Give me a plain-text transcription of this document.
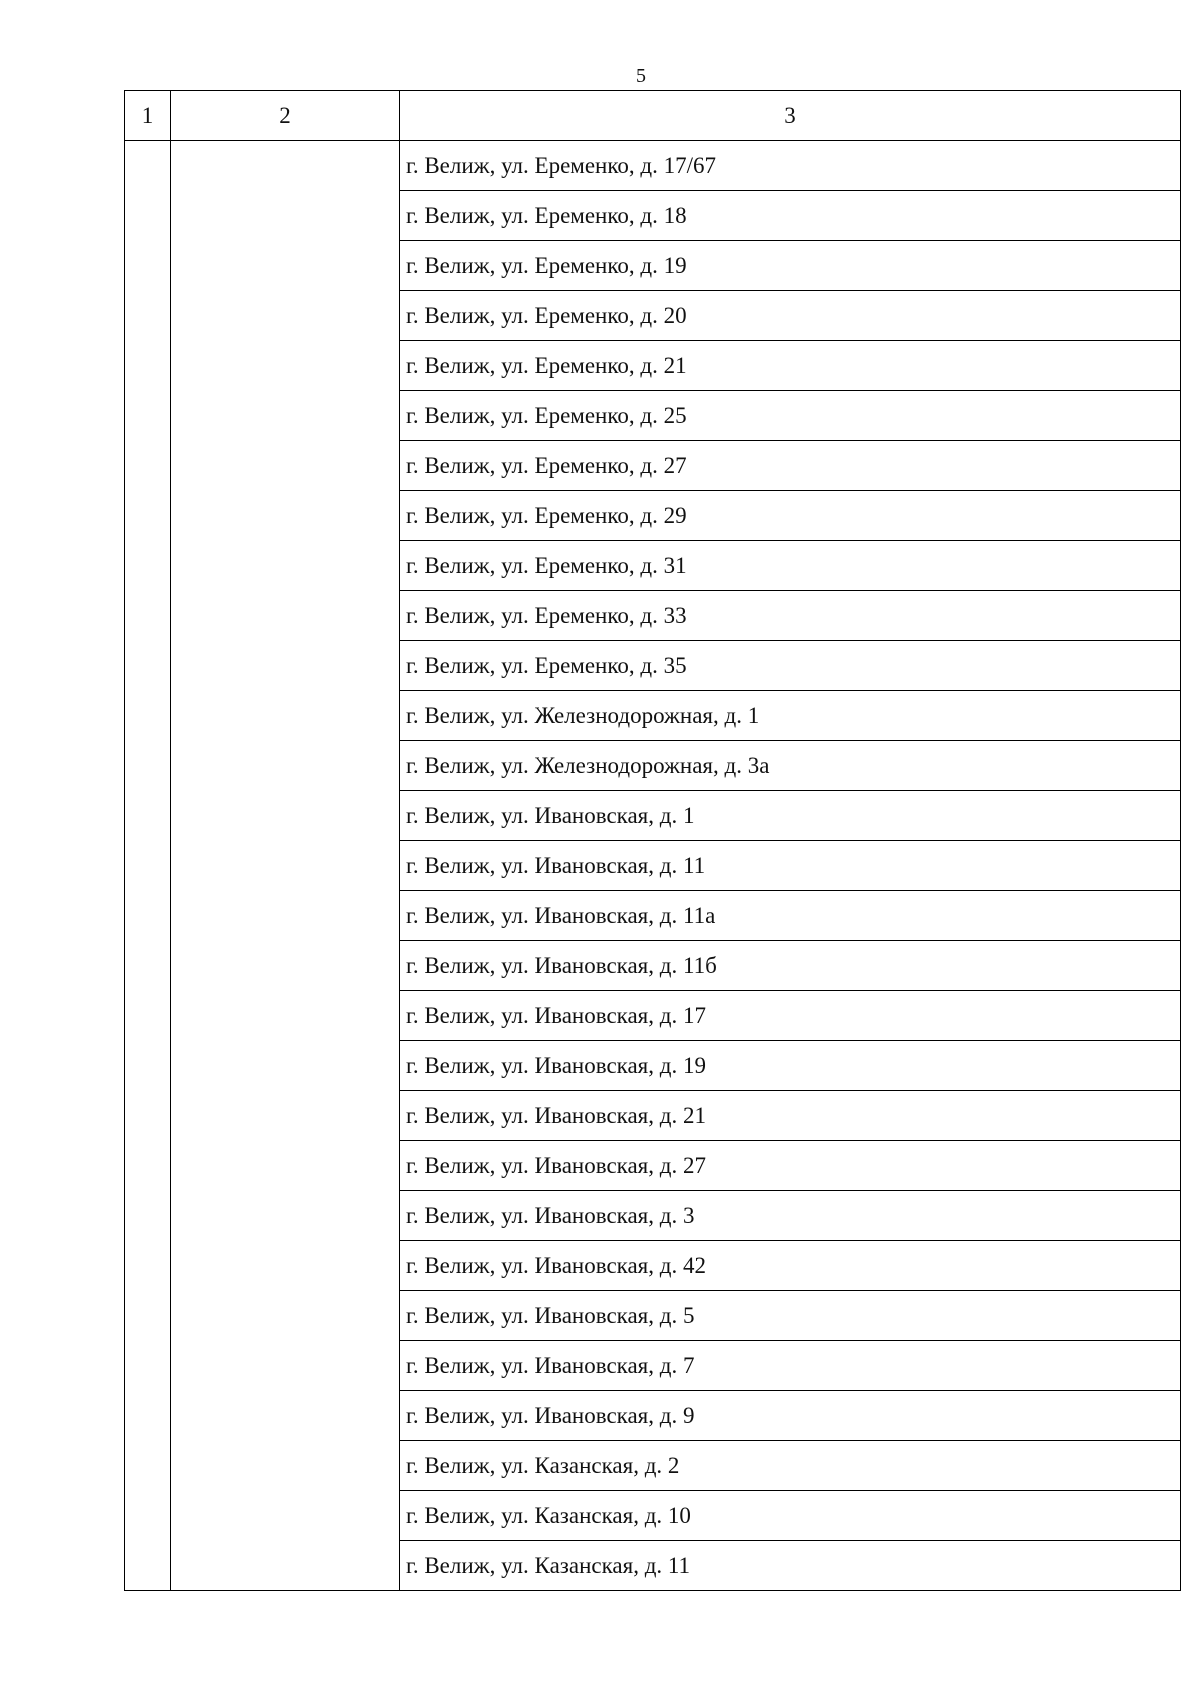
5
1	2	3
		г. Велиж, ул. Еременко, д. 17/67
		г. Велиж, ул. Еременко, д. 18
		г. Велиж, ул. Еременко, д. 19
		г. Велиж, ул. Еременко, д. 20
		г. Велиж, ул. Еременко, д. 21
		г. Велиж, ул. Еременко, д. 25
		г. Велиж, ул. Еременко, д. 27
		г. Велиж, ул. Еременко, д. 29
		г. Велиж, ул. Еременко, д. 31
		г. Велиж, ул. Еременко, д. 33
		г. Велиж, ул. Еременко, д. 35
		г. Велиж, ул. Железнодорожная, д. 1
		г. Велиж, ул. Железнодорожная, д. 3а
		г. Велиж, ул. Ивановская, д. 1
		г. Велиж, ул. Ивановская, д. 11
		г. Велиж, ул. Ивановская, д. 11а
		г. Велиж, ул. Ивановская, д. 11б
		г. Велиж, ул. Ивановская, д. 17
		г. Велиж, ул. Ивановская, д. 19
		г. Велиж, ул. Ивановская, д. 21
		г. Велиж, ул. Ивановская, д. 27
		г. Велиж, ул. Ивановская, д. 3
		г. Велиж, ул. Ивановская, д. 42
		г. Велиж, ул. Ивановская, д. 5
		г. Велиж, ул. Ивановская, д. 7
		г. Велиж, ул. Ивановская, д. 9
		г. Велиж, ул. Казанская, д. 2
		г. Велиж, ул. Казанская, д. 10
		г. Велиж, ул. Казанская, д. 11
